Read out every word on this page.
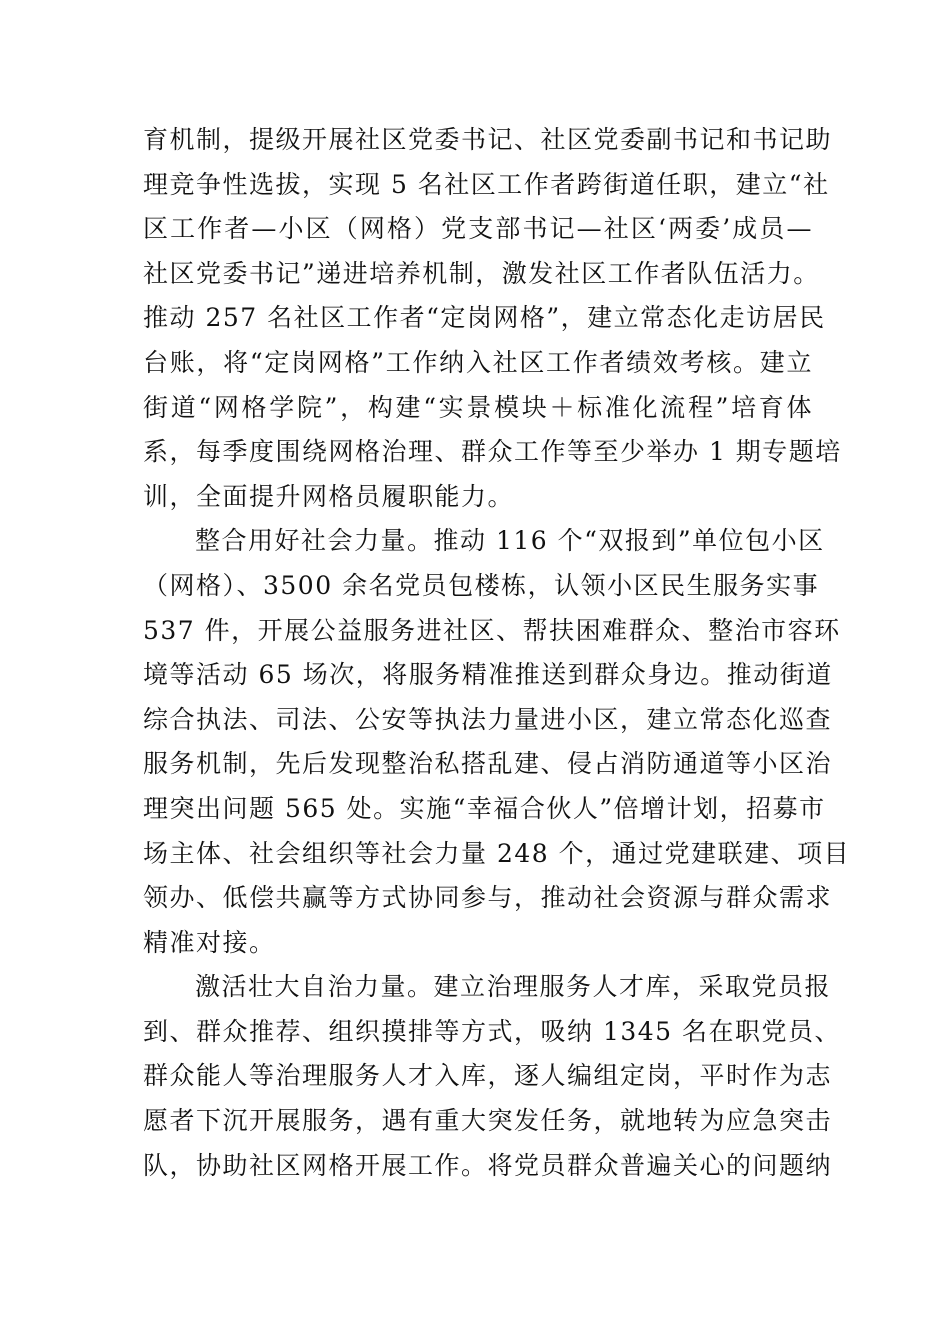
育机制，提级开展社区党委书记、社区党委副书记和书记助
理竞争性选拔，实现 5 名社区工作者跨街道任职，建立“社
区工作者—小区（网格）党支部书记—社区‘两委’成员—
社区党委书记”递进培养机制，激发社区工作者队伍活力。
推动 257 名社区工作者“定岗网格”，建立常态化走访居民
台账，将“定岗网格”工作纳入社区工作者绩效考核。建立
街道“网格学院”，构建“实景模块＋标准化流程”培育体
系，每季度围绕网格治理、群众工作等至少举办 1 期专题培
训，全面提升网格员履职能力。
整合用好社会力量。推动 116 个“双报到”单位包小区
（网格）、3500 余名党员包楼栋，认领小区民生服务实事
537 件，开展公益服务进社区、帮扶困难群众、整治市容环
境等活动 65 场次，将服务精准推送到群众身边。推动街道
综合执法、司法、公安等执法力量进小区，建立常态化巡查
服务机制，先后发现整治私搭乱建、侵占消防通道等小区治
理突出问题 565 处。实施“幸福合伙人”倍增计划，招募市
场主体、社会组织等社会力量 248 个，通过党建联建、项目
领办、低偿共赢等方式协同参与，推动社会资源与群众需求
精准对接。
激活壮大自治力量。建立治理服务人才库，采取党员报
到、群众推荐、组织摸排等方式，吸纳 1345 名在职党员、
群众能人等治理服务人才入库，逐人编组定岗，平时作为志
愿者下沉开展服务，遇有重大突发任务，就地转为应急突击
队，协助社区网格开展工作。将党员群众普遍关心的问题纳
